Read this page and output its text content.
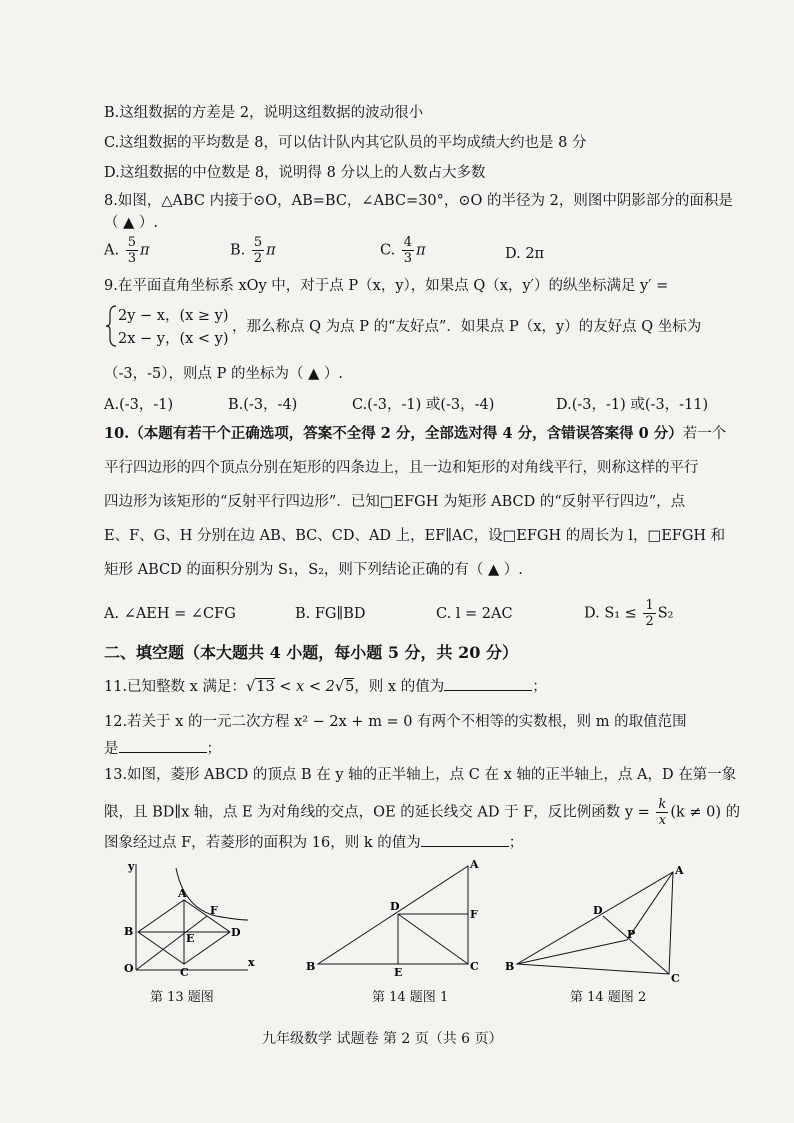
B.这组数据的方差是 2，说明这组数据的波动很小
C.这组数据的平均数是 8，可以估计队内其它队员的平均成绩大约也是 8 分
D.这组数据的中位数是 8，说明得 8 分以上的人数占大多数
8.如图，△ABC 内接于⊙O，AB=BC，∠ABC=30°，⊙O 的半径为 2，则图中阴影部分的面积是
（ ▲ ）.
A. $\frac{5}{3}$ π	B. $\frac{5}{2}$ π	C. $\frac{4}{3}$ π	D. 2π
9.在平面直角坐标系 xOy 中，对于点 P（x，y），如果点 Q（x，y′）的纵坐标满足 y′ =
2y − x，(x ≥ y)
2x − y，(x < y)
，那么称点 Q 为点 P 的“友好点”．如果点 P（x，y）的友好点 Q 坐标为
（-3，-5），则点 P 的坐标为（ ▲ ）.
A.(-3，-1)	B.(-3，-4)	C.(-3，-1) 或(-3，-4)	D.(-3，-1) 或(-3，-11)
10.（本题有若干个正确选项，答案不全得 2 分，全部选对得 4 分，含错误答案得 0 分）若一个
平行四边形的四个顶点分别在矩形的四条边上，且一边和矩形的对角线平行，则称这样的平行
四边形为该矩形的“反射平行四边形”．已知□EFGH 为矩形 ABCD 的“反射平行四边”，点
E、F、G、H 分别在边 AB、BC、CD、AD 上，EF∥AC，设□EFGH 的周长为 l，□EFGH 和
矩形 ABCD 的面积分别为 S₁，S₂，则下列结论正确的有（ ▲ ）.
A. ∠AEH = ∠CFG	B. FG∥BD	C. l = 2AC	D. $S_1 \le \frac{1}{2} S_2$
二、填空题（本大题共 4 小题，每小题 5 分，共 20 分）
11.已知整数 x 满足：√13 < x < 2√5，则 x 的值为	；
12.若关于 x 的一元二次方程 x² − 2x + m = 0 有两个不相等的实数根，则 m 的取值范围
是	；
13.如图，菱形 ABCD 的顶点 B 在 y 轴的正半轴上，点 C 在 x 轴的正半轴上，点 A，D 在第一象
限，且 BD∥x 轴，点 E 为对角线的交点，OE 的延长线交 AD 于 F，反比例函数 $y = \frac{k}{x} (k \ne 0)$ 的
图象经过点 F，若菱形的面积为 16，则 k 的值为	；
y
x
O
B
C
A
D
E
F
第 13 题图
A
B	C
D
E
F
第 14 题图 1
A
B
C
D
P
第 14 题图 2
九年级数学 试题卷 第 2 页（共 6 页）
